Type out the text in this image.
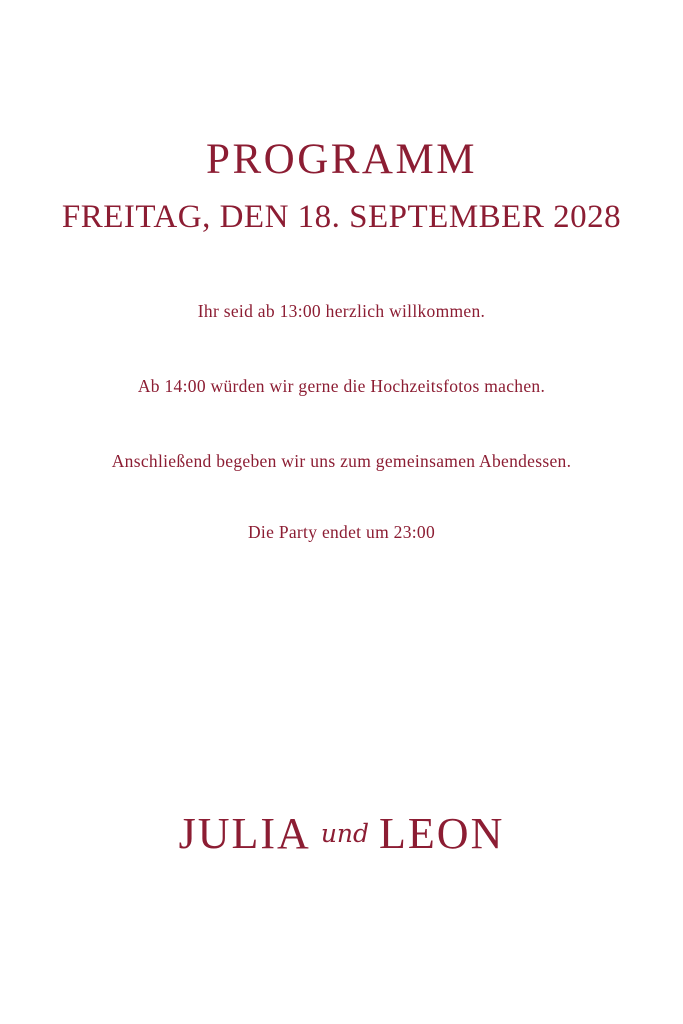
PROGRAMM
FREITAG, DEN 18. SEPTEMBER 2028

Ihr seid ab 13:00 herzlich willkommen.

Ab 14:00 würden wir gerne die Hochzeitsfotos machen.

Anschließend begeben wir uns zum gemeinsamen Abendessen.

Die Party endet um 23:00

JULIA und LEON
